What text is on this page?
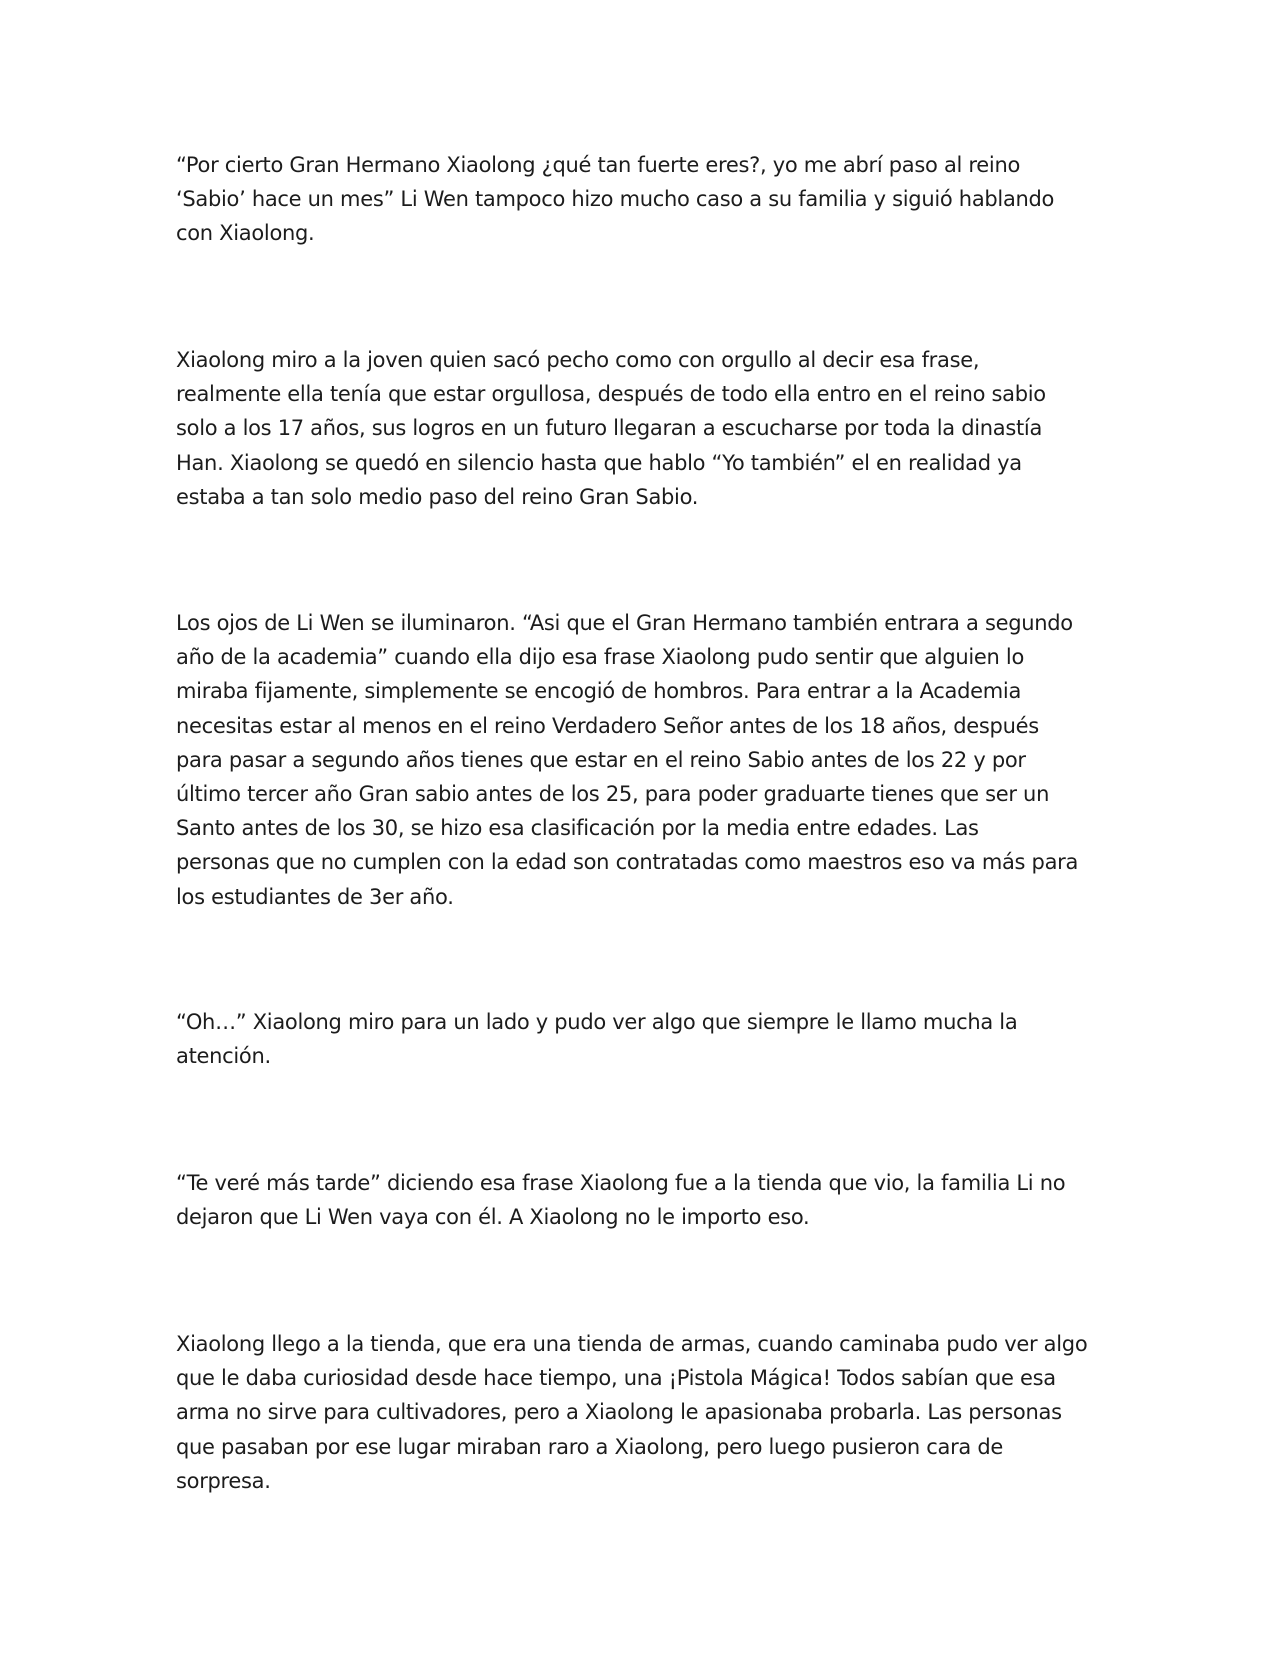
“Por cierto Gran Hermano Xiaolong ¿qué tan fuerte eres?, yo me abrí paso al reino
‘Sabio’ hace un mes” Li Wen tampoco hizo mucho caso a su familia y siguió hablando
con Xiaolong.

Xiaolong miro a la joven quien sacó pecho como con orgullo al decir esa frase,
realmente ella tenía que estar orgullosa, después de todo ella entro en el reino sabio
solo a los 17 años, sus logros en un futuro llegaran a escucharse por toda la dinastía
Han. Xiaolong se quedó en silencio hasta que hablo “Yo también” el en realidad ya
estaba a tan solo medio paso del reino Gran Sabio.

Los ojos de Li Wen se iluminaron. “Asi que el Gran Hermano también entrara a segundo
año de la academia” cuando ella dijo esa frase Xiaolong pudo sentir que alguien lo
miraba fijamente, simplemente se encogió de hombros. Para entrar a la Academia
necesitas estar al menos en el reino Verdadero Señor antes de los 18 años, después
para pasar a segundo años tienes que estar en el reino Sabio antes de los 22 y por
último tercer año Gran sabio antes de los 25, para poder graduarte tienes que ser un
Santo antes de los 30, se hizo esa clasificación por la media entre edades. Las
personas que no cumplen con la edad son contratadas como maestros eso va más para
los estudiantes de 3er año.

“Oh…” Xiaolong miro para un lado y pudo ver algo que siempre le llamo mucha la
atención.

“Te veré más tarde” diciendo esa frase Xiaolong fue a la tienda que vio, la familia Li no
dejaron que Li Wen vaya con él. A Xiaolong no le importo eso.

Xiaolong llego a la tienda, que era una tienda de armas, cuando caminaba pudo ver algo
que le daba curiosidad desde hace tiempo, una ¡Pistola Mágica! Todos sabían que esa
arma no sirve para cultivadores, pero a Xiaolong le apasionaba probarla. Las personas
que pasaban por ese lugar miraban raro a Xiaolong, pero luego pusieron cara de
sorpresa.
